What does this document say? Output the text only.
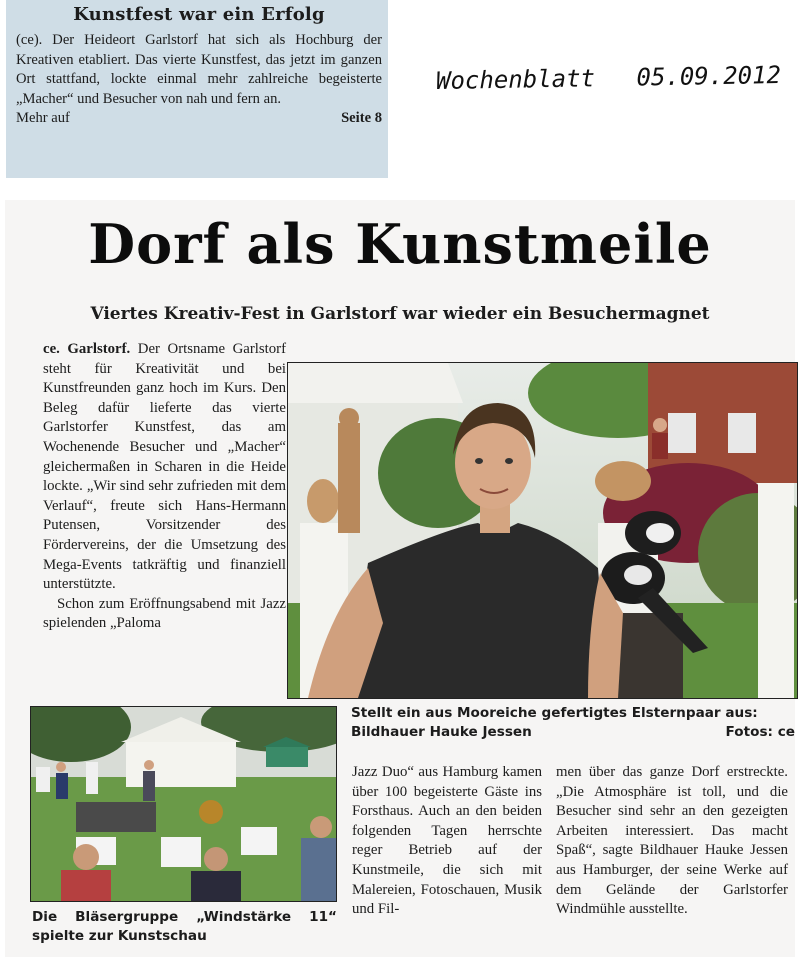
Kunstfest war ein Erfolg

(ce). Der Heideort Garlstorf hat sich als Hochburg der Kreativen etabliert. Das vierte Kunstfest, das jetzt im ganzen Ort stattfand, lockte einmal mehr zahlreiche begeisterte „Macher“ und Besucher von nah und fern an.

Mehr auf	Seite 8
Wochenblatt 05.09.2012
Dorf als Kunstmeile
Viertes Kreativ-Fest in Garlstorf war wieder ein Besuchermagnet

ce. Garlstorf. Der Ortsname Garlstorf steht für Kreativität und bei Kunstfreunden ganz hoch im Kurs. Den Beleg dafür lieferte das vierte Garlstorfer Kunstfest, das am Wochenende Besucher und „Macher“ gleichermaßen in Scharen in die Heide lockte. „Wir sind sehr zufrieden mit dem Verlauf“, freute sich Hans-Hermann Putensen, Vorsitzender des Fördervereins, der die Umsetzung des Mega-Events tatkräftig und finanziell unterstützte.

Schon zum Eröffnungsabend mit Jazz spielenden „Paloma

Stellt ein aus Mooreiche gefertigtes Elsternpaar aus:
Bildhauer Hauke Jessen	Fotos: ce

Die Bläsergruppe „Windstärke 11“ spielte zur Kunstschau

Jazz Duo“ aus Hamburg kamen über 100 begeisterte Gäste ins Forsthaus. Auch an den beiden folgenden Tagen herrschte reger Betrieb auf der Kunstmeile, die sich mit Malereien, Fotoschauen, Musik und Fil-

men über das ganze Dorf erstreckte. „Die Atmosphäre ist toll, und die Besucher sind sehr an den gezeigten Arbeiten interessiert. Das macht Spaß“, sagte Bildhauer Hauke Jessen aus Hamburger, der seine Werke auf dem Gelände der Garlstorfer Windmühle ausstellte.
